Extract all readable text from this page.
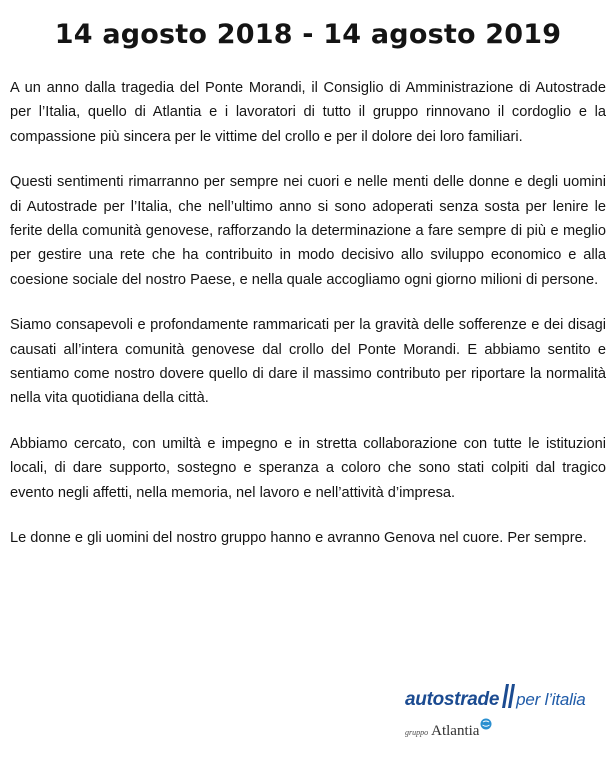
14 agosto 2018 - 14 agosto 2019

A un anno dalla tragedia del Ponte Morandi, il Consiglio di Amministrazione di Autostrade per l’Italia, quello di Atlantia e i lavoratori di tutto il gruppo rinnovano il cordoglio e la compassione più sincera per le vittime del crollo e per il dolore dei loro familiari.

Questi sentimenti rimarranno per sempre nei cuori e nelle menti delle donne e degli uomini di Autostrade per l’Italia, che nell’ultimo anno si sono adoperati senza sosta per lenire le ferite della comunità genovese, rafforzando la determinazione a fare sempre di più e meglio per gestire una rete che ha contribuito in modo decisivo allo sviluppo economico e alla coesione sociale del nostro Paese, e nella quale accogliamo ogni giorno milioni di persone.

Siamo consapevoli e profondamente rammaricati per la gravità delle sofferenze e dei disagi causati all’intera comunità genovese dal crollo del Ponte Morandi. E abbiamo sentito e sentiamo come nostro dovere quello di dare il massimo contributo per riportare la normalità nella vita quotidiana della città.

Abbiamo cercato, con umiltà e impegno e in stretta collaborazione con tutte le istituzioni locali, di dare supporto, sostegno e speranza a coloro che sono stati colpiti dal tragico evento negli affetti, nella memoria, nel lavoro e nell’attività d’impresa.

Le donne e gli uomini del nostro gruppo hanno e avranno Genova nel cuore. Per sempre.

autostrade per l’italia
gruppo Atlantia
